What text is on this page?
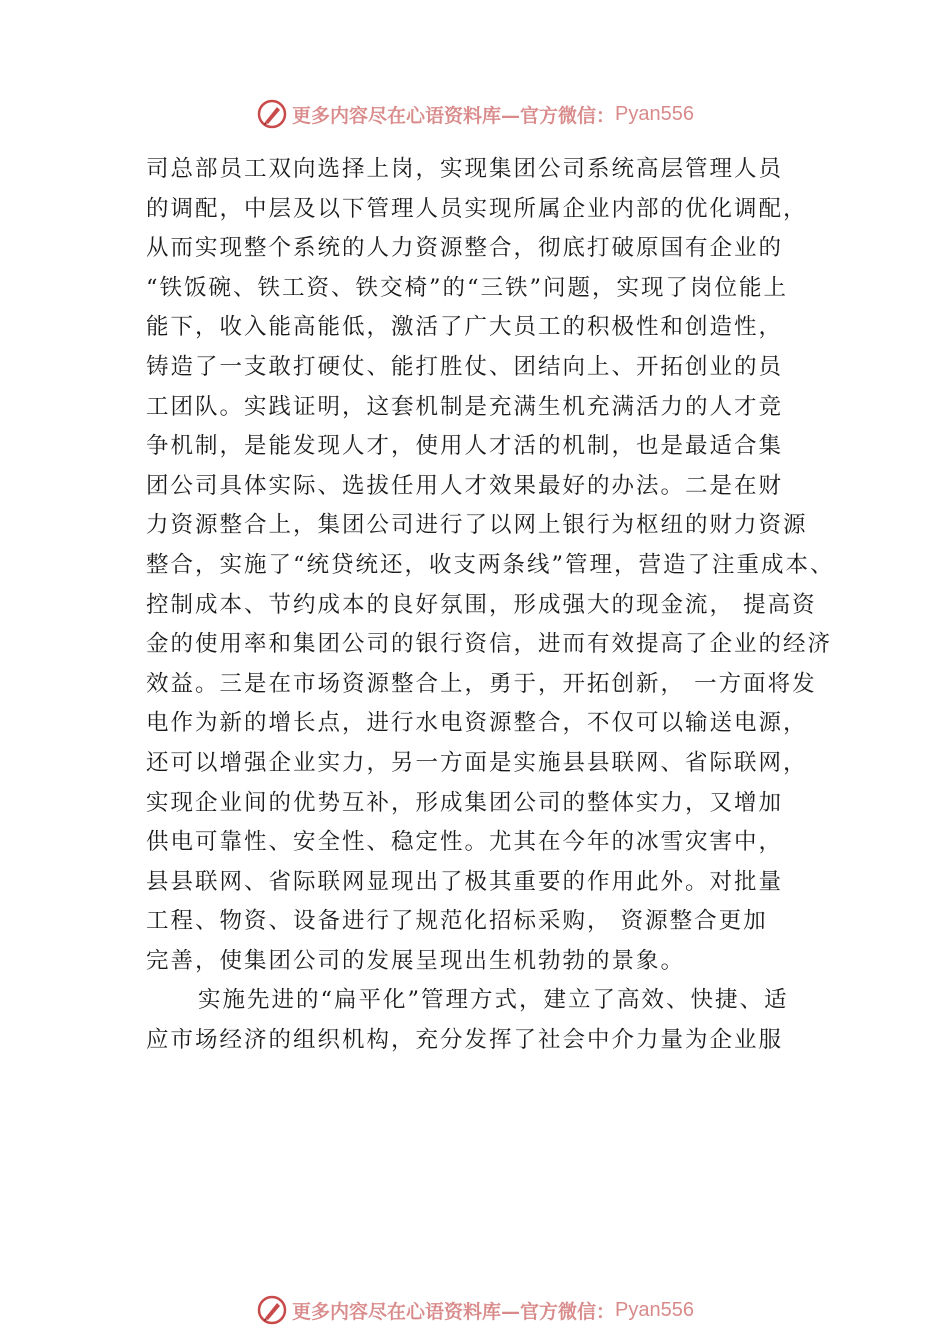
更多内容尽在心语资料库—官方微信： Pyan556
司总部员工双向选择上岗，实现集团公司系统高层管理人员
的调配，中层及以下管理人员实现所属企业内部的优化调配，
从而实现整个系统的人力资源整合，彻底打破原国有企业的
“铁饭碗、铁工资、铁交椅”的“三铁”问题，实现了岗位能上
能下，收入能高能低，激活了广大员工的积极性和创造性，
铸造了一支敢打硬仗、能打胜仗、团结向上、开拓创业的员
工团队。实践证明，这套机制是充满生机充满活力的人才竞
争机制，是能发现人才，使用人才活的机制，也是最适合集
团公司具体实际、选拔任用人才效果最好的办法。二是在财
力资源整合上，集团公司进行了以网上银行为枢纽的财力资源
整合，实施了“统贷统还，收支两条线”管理，营造了注重成本、
控制成本、节约成本的良好氛围，形成强大的现金流， 提高资
金的使用率和集团公司的银行资信，进而有效提高了企业的经济
效益。三是在市场资源整合上，勇于，开拓创新， 一方面将发
电作为新的增长点，进行水电资源整合，不仅可以输送电源，
还可以增强企业实力，另一方面是实施县县联网、省际联网，
实现企业间的优势互补，形成集团公司的整体实力，又增加
供电可靠性、安全性、稳定性。尤其在今年的冰雪灾害中，
县县联网、省际联网显现出了极其重要的作用此外。对批量
工程、物资、设备进行了规范化招标采购， 资源整合更加
完善，使集团公司的发展呈现出生机勃勃的景象。
实施先进的“扁平化”管理方式，建立了高效、快捷、适
应市场经济的组织机构，充分发挥了社会中介力量为企业服
更多内容尽在心语资料库—官方微信： Pyan556
